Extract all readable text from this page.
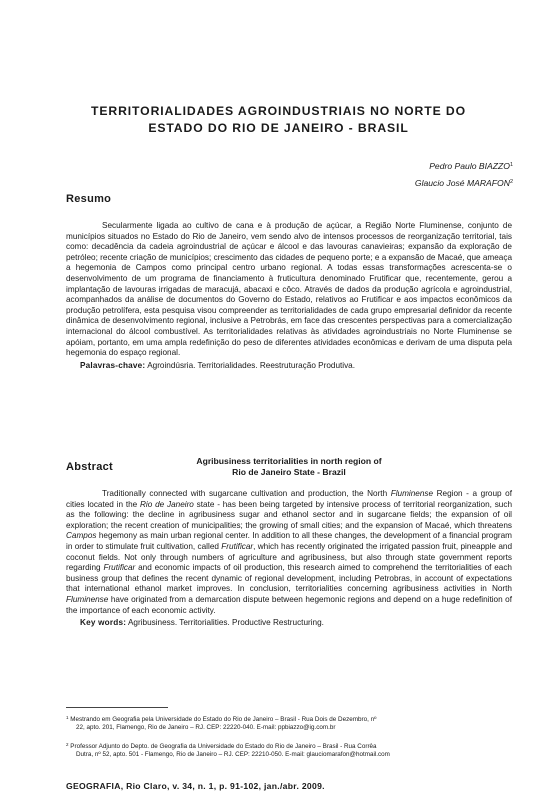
TERRITORIALIDADES AGROINDUSTRIAIS NO NORTE DO
ESTADO DO RIO DE JANEIRO - BRASIL
Pedro Paulo BIAZZO$^1$
Glaucio José MARAFON$^2$
Resumo

Secularmente ligada ao cultivo de cana e à produção de açúcar, a Região Norte Fluminense, conjunto de municípios situados no Estado do Rio de Janeiro, vem sendo alvo de intensos processos de reorganização territorial, tais como: decadência da cadeia agroindustrial de açúcar e álcool e das lavouras canavieiras; expansão da exploração de petróleo; recente criação de municípios; crescimento das cidades de pequeno porte; e a expansão de Macaé, que ameaça a hegemonia de Campos como principal centro urbano regional. A todas essas transformações acrescenta-se o desenvolvimento de um programa de financiamento à fruticultura denominado Frutificar que, recentemente, gerou a implantação de lavouras irrigadas de maracujá, abacaxi e côco. Através de dados da produção agrícola e agroindustrial, acompanhados da análise de documentos do Governo do Estado, relativos ao Frutificar e aos impactos econômicos da produção petrolífera, esta pesquisa visou compreender as territorialidades de cada grupo empresarial definidor da recente dinâmica de desenvolvimento regional, inclusive a Petrobrás, em face das crescentes perspectivas para a comercialização internacional do álcool combustível. As territorialidades relativas às atividades agroindustriais no Norte Fluminense se apóiam, portanto, em uma ampla redefinição do peso de diferentes atividades econômicas e derivam de uma disputa pela hegemonia do espaço regional.

Palavras-chave: Agroindúsria. Territorialidades. Reestruturação Produtiva.

Abstract	Agribusiness territorialities in north region of
Rio de Janeiro State - Brazil

Traditionally connected with sugarcane cultivation and production, the North Fluminense Region - a group of cities located in the Rio de Janeiro state - has been being targeted by intensive process of territorial reorganization, such as the following: the decline in agribusiness sugar and ethanol sector and in sugarcane fields; the expansion of oil exploration; the recent creation of municipalities; the growing of small cities; and the expansion of Macaé, which threatens Campos hegemony as main urban regional center. In addition to all these changes, the development of a financial program in order to stimulate fruit cultivation, called Frutificar, which has recently originated the irrigated passion fruit, pineapple and coconut fields. Not only through numbers of agriculture and agribusiness, but also through state government reports regarding Frutificar and economic impacts of oil production, this research aimed to comprehend the territorialities of each business group that defines the recent dynamic of regional development, including Petrobras, in account of expectations that international ethanol market improves. In conclusion, territorialities concerning agribusiness activities in North Fluminense have originated from a demarcation dispute between hegemonic regions and depend on a huge redefinition of the importance of each economic activity.

Key words: Agribusiness. Territorialities. Productive Restructuring.

$^1$ Mestrando em Geografia pela Universidade do Estado do Rio de Janeiro – Brasil - Rua Dois de Dezembro, nº
22, apto. 201, Flamengo, Rio de Janeiro – RJ. CEP: 22220-040. E-mail: ppbiazzo@ig.com.br
$^2$ Professor Adjunto do Depto. de Geografia da Universidade do Estado do Rio de Janeiro – Brasil - Rua Corrêa
Dutra, nº 52, apto. 501 - Flamengo, Rio de Janeiro – RJ. CEP: 22210-050. E-mail: glauciomarafon@hotmail.com
GEOGRAFIA, Rio Claro, v. 34, n. 1, p. 91-102, jan./abr. 2009.
